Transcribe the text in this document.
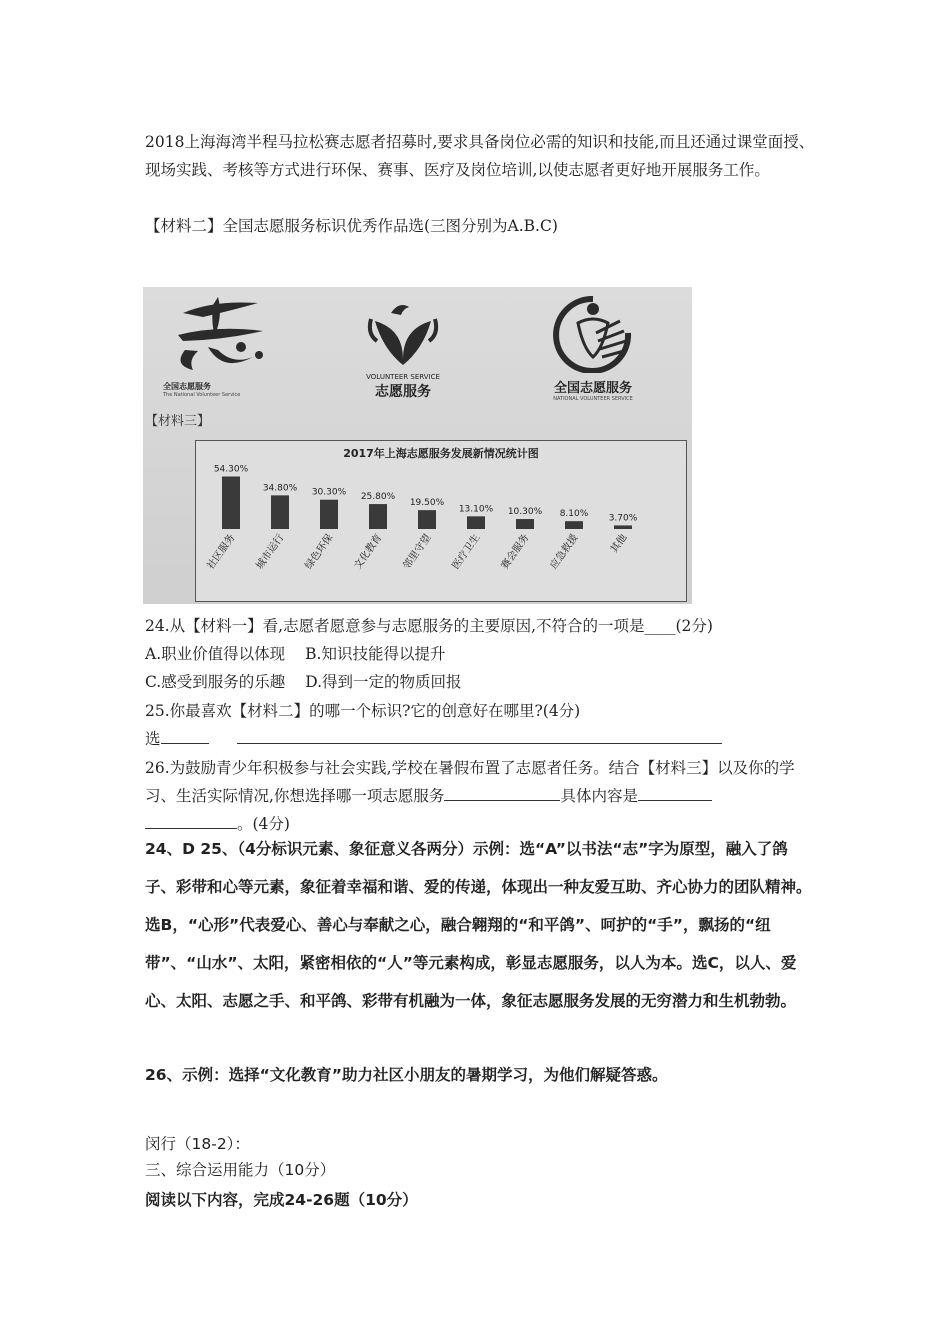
2018上海海湾半程马拉松赛志愿者招募时,要求具备岗位必需的知识和技能,而且还通过课堂面授、现场实践、考核等方式进行环保、赛事、医疗及岗位培训,以使志愿者更好地开展服务工作。

【材料二】全国志愿服务标识优秀作品选(三图分别为A.B.C)

全国志愿服务
The National Volunteer Service
VOLUNTEER SERVICE
志愿服务	全国志愿服务
NATIONAL VOLUNTEER SERVICE
【材料三】
2017年上海志愿服务发展新情况统计图
54.30%
社区服务
34.80%
城市运行
30.30%
绿色环保
25.80%
文化教育
19.50%
邻里守望
13.10%
医疗卫生
10.30%
赛会服务
8.10%
应急救援
3.70%
其他

24.从【材料一】看,志愿者愿意参与志愿服务的主要原因,不符合的一项是____(2分)

A.职业价值得以体现 B.知识技能得以提升

C.感受到服务的乐趣 D.得到一定的物质回报

25.你最喜欢【材料二】的哪一个标识?它的创意好在哪里?(4分)

选

26.为鼓励青少年积极参与社会实践,学校在暑假布置了志愿者任务。结合【材料三】以及你的学习、生活实际情况,你想选择哪一项志愿服务	具体内容是
。(4分)

24、D 25、（4分标识元素、象征意义各两分）示例：选“A”以书法“志”字为原型，融入了鸽子、彩带和心等元素，象征着幸福和谐、爱的传递，体现出一种友爱互助、齐心协力的团队精神。　选B，“心形”代表爱心、善心与奉献之心，融合翱翔的“和平鸽”、呵护的“手”，飘扬的“纽带”、“山水”、太阳，紧密相依的“人”等元素构成，彰显志愿服务，以人为本。选C，以人、爱心、太阳、志愿之手、和平鸽、彩带有机融为一体，象征志愿服务发展的无穷潜力和生机勃勃。

26、示例：选择“文化教育”助力社区小朋友的暑期学习，为他们解疑答惑。

闵行（18-2）：

三、综合运用能力（10分）

阅读以下内容，完成24-26题（10分）
